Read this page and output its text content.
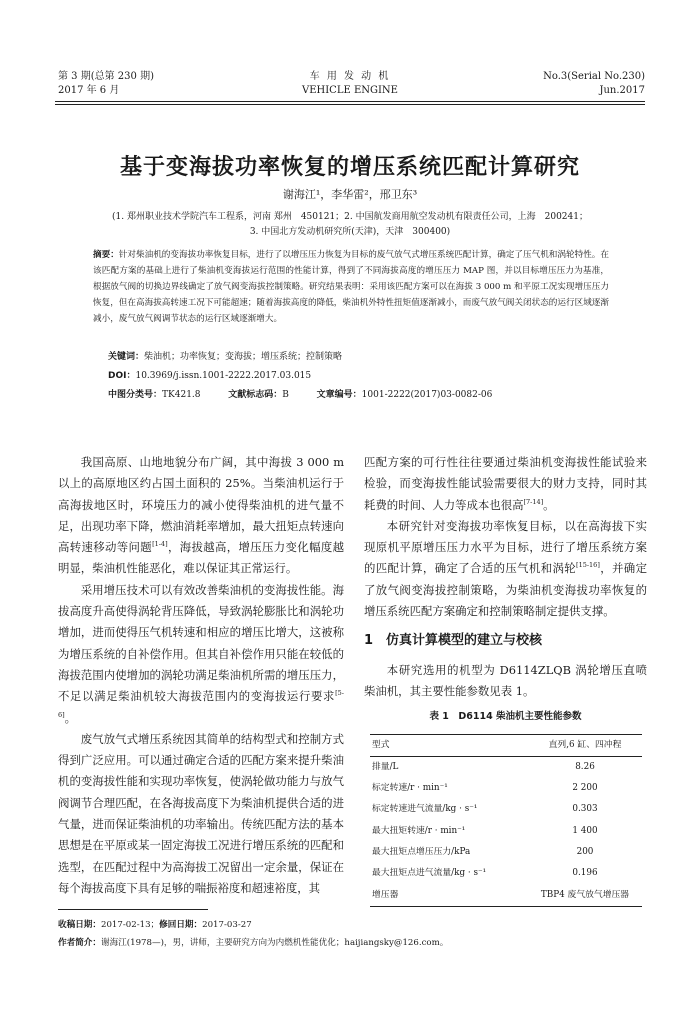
第 3 期(总第 230 期)
2017 年 6 月
车 用 发 动 机
VEHICLE ENGINE
No.3(Serial No.230)
Jun.2017
基于变海拔功率恢复的增压系统匹配计算研究
谢海江¹，李华雷²，邢卫东³
(1. 郑州职业技术学院汽车工程系，河南 郑州　450121；2. 中国航发商用航空发动机有限责任公司，上海　200241；
3. 中国北方发动机研究所(天津)，天津　300400)
摘要：针对柴油机的变海拔功率恢复目标，进行了以增压压力恢复为目标的废气放气式增压系统匹配计算，确定了压气机和涡轮特性。在该匹配方案的基础上进行了柴油机变海拔运行范围的性能计算，得到了不同海拔高度的增压压力 MAP 图，并以目标增压压力为基准，根据放气阀的切换边界线确定了放气阀变海拔控制策略。研究结果表明：采用该匹配方案可以在海拔 3 000 m 和平原工况实现增压压力恢复，但在高海拔高转速工况下可能超速；随着海拔高度的降低，柴油机外特性扭矩值逐渐减小，而废气放气阀关闭状态的运行区域逐渐减小，废气放气阀调节状态的运行区域逐渐增大。
关键词：柴油机；功率恢复；变海拔；增压系统；控制策略
DOI：10.3969/j.issn.1001-2222.2017.03.015
中图分类号：TK421.8	文献标志码：B	文章编号：1001-2222(2017)03-0082-06

我国高原、山地地貌分布广阔，其中海拔 3 000 m以上的高原地区约占国土面积的 25%。当柴油机运行于高海拔地区时，环境压力的减小使得柴油机的进气量不足，出现功率下降，燃油消耗率增加，最大扭矩点转速向高转速移动等问题[1-4]，海拔越高，增压压力变化幅度越明显，柴油机性能恶化，难以保证其正常运行。

采用增压技术可以有效改善柴油机的变海拔性能。海拔高度升高使得涡轮背压降低，导致涡轮膨胀比和涡轮功增加，进而使得压气机转速和相应的增压比增大，这被称为增压系统的自补偿作用。但其自补偿作用只能在较低的海拔范围内使增加的涡轮功满足柴油机所需的增压压力，不足以满足柴油机较大海拔范围内的变海拔运行要求[5-6]。

废气放气式增压系统因其简单的结构型式和控制方式得到广泛应用。可以通过确定合适的匹配方案来提升柴油机的变海拔性能和实现功率恢复，使涡轮做功能力与放气阀调节合理匹配，在各海拔高度下为柴油机提供合适的进气量，进而保证柴油机的功率输出。传统匹配方法的基本思想是在平原或某一固定海拔工况进行增压系统的匹配和选型，在匹配过程中为高海拔工况留出一定余量，保证在每个海拔高度下具有足够的喘振裕度和超速裕度，其

匹配方案的可行性往往要通过柴油机变海拔性能试验来检验，而变海拔性能试验需要很大的财力支持，同时其耗费的时间、人力等成本也很高[7-14]。

本研究针对变海拔功率恢复目标，以在高海拔下实现原机平原增压压力水平为目标，进行了增压系统方案的匹配计算，确定了合适的压气机和涡轮[15-16]，并确定了放气阀变海拔控制策略，为柴油机变海拔功率恢复的增压系统匹配方案确定和控制策略制定提供支撑。

1　仿真计算模型的建立与校核

本研究选用的机型为 D6114ZLQB 涡轮增压直喷柴油机，其主要性能参数见表 1。

表 1　D6114 柴油机主要性能参数
型式	直列,6 缸、四冲程
排量/L	8.26
标定转速/r · min⁻¹	2 200
标定转速进气流量/kg · s⁻¹	0.303
最大扭矩转速/r · min⁻¹	1 400
最大扭矩点增压压力/kPa	200
最大扭矩点进气流量/kg · s⁻¹	0.196
增压器	TBP4 废气放气增压器
收稿日期：2017-02-13；修回日期：2017-03-27
作者简介：谢海江(1978—)，男，讲师，主要研究方向为内燃机性能优化；haijiangsky@126.com。
